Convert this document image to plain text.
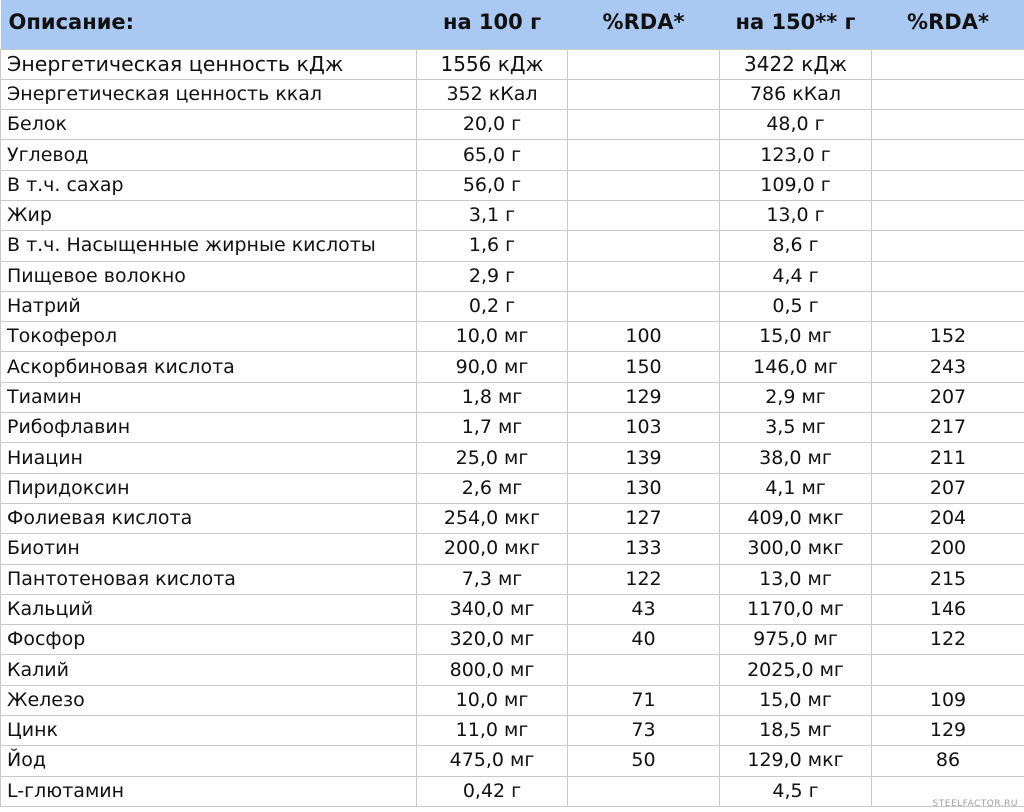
Описание:	на 100 г	%RDA*	на 150** г	%RDA*
Энергетическая ценность кДж	1556 кДж		3422 кДж	
Энергетическая ценность ккал	352 кКал		786 кКал	
Белок	20,0 г		48,0 г	
Углевод	65,0 г		123,0 г	
В т.ч. сахар	56,0 г		109,0 г	
Жир	3,1 г		13,0 г	
В т.ч. Насыщенные жирные кислоты	1,6 г		8,6 г	
Пищевое волокно	2,9 г		4,4 г	
Натрий	0,2 г		0,5 г	
Токоферол	10,0 мг	100	15,0 мг	152
Аскорбиновая кислота	90,0 мг	150	146,0 мг	243
Тиамин	1,8 мг	129	2,9 мг	207
Рибофлавин	1,7 мг	103	3,5 мг	217
Ниацин	25,0 мг	139	38,0 мг	211
Пиридоксин	2,6 мг	130	4,1 мг	207
Фолиевая кислота	254,0 мкг	127	409,0 мкг	204
Биотин	200,0 мкг	133	300,0 мкг	200
Пантотеновая кислота	7,3 мг	122	13,0 мг	215
Кальций	340,0 мг	43	1170,0 мг	146
Фосфор	320,0 мг	40	975,0 мг	122
Калий	800,0 мг		2025,0 мг	
Железо	10,0 мг	71	15,0 мг	109
Цинк	11,0 мг	73	18,5 мг	129
Йод	475,0 мг	50	129,0 мкг	86
L-глютамин	0,42 г		4,5 г	
STEELFACTOR.RU
